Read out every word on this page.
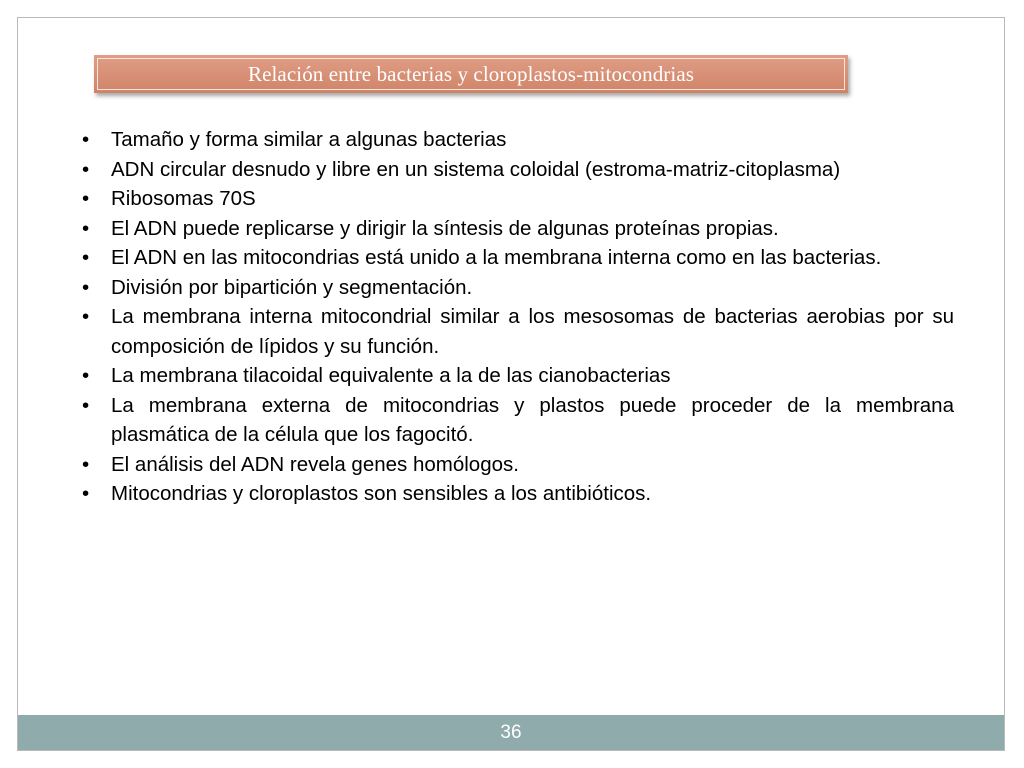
Relación entre bacterias y cloroplastos-mitocondrias
• Tamaño y forma similar a algunas bacterias
• ADN circular desnudo y libre en un sistema coloidal (estroma-matriz-citoplasma)
• Ribosomas 70S
• El ADN puede replicarse y dirigir la síntesis de algunas proteínas propias.
• El ADN en las mitocondrias está unido a la membrana interna como en las bacterias.
• División por bipartición y segmentación.
• La membrana interna mitocondrial similar a los mesosomas de bacterias aerobias por su composición de lípidos y su función.
• La membrana tilacoidal equivalente a la de las cianobacterias
• La membrana externa de mitocondrias y plastos puede proceder de la membrana plasmática de la célula que los fagocitó.
• El análisis del ADN revela genes homólogos.
• Mitocondrias y cloroplastos son sensibles a los antibióticos.
36
